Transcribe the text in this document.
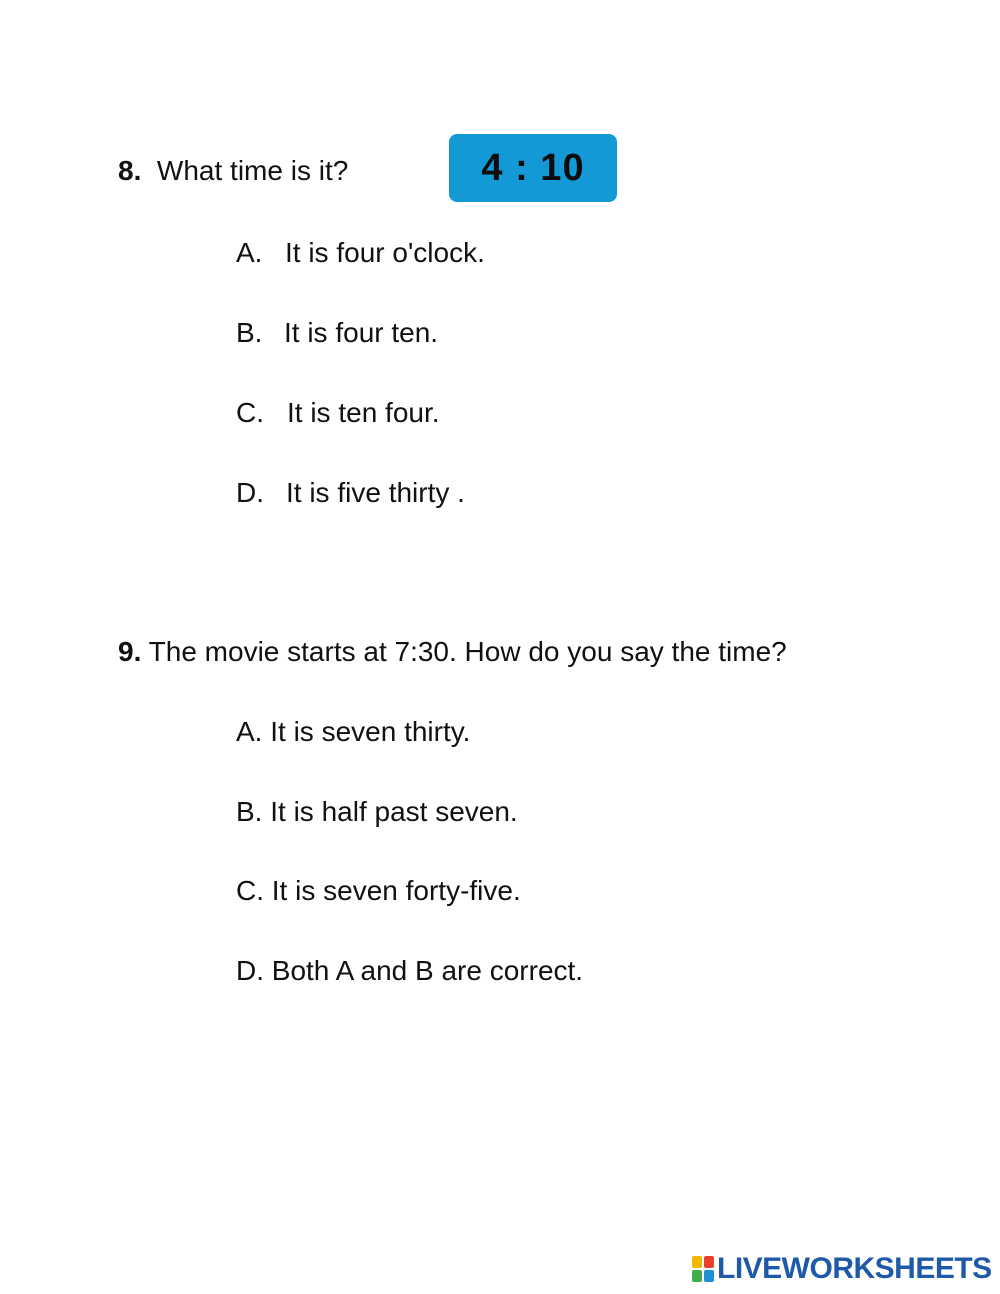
8. What time is it?	4 : 10
A. It is four o'clock.
B. It is four ten.
C. It is ten four.
D. It is five thirty .
9. The movie starts at 7:30. How do you say the time?
A. It is seven thirty.
B. It is half past seven.
C. It is seven forty-five.
D. Both A and B are correct.
LIVEWORKSHEETS
